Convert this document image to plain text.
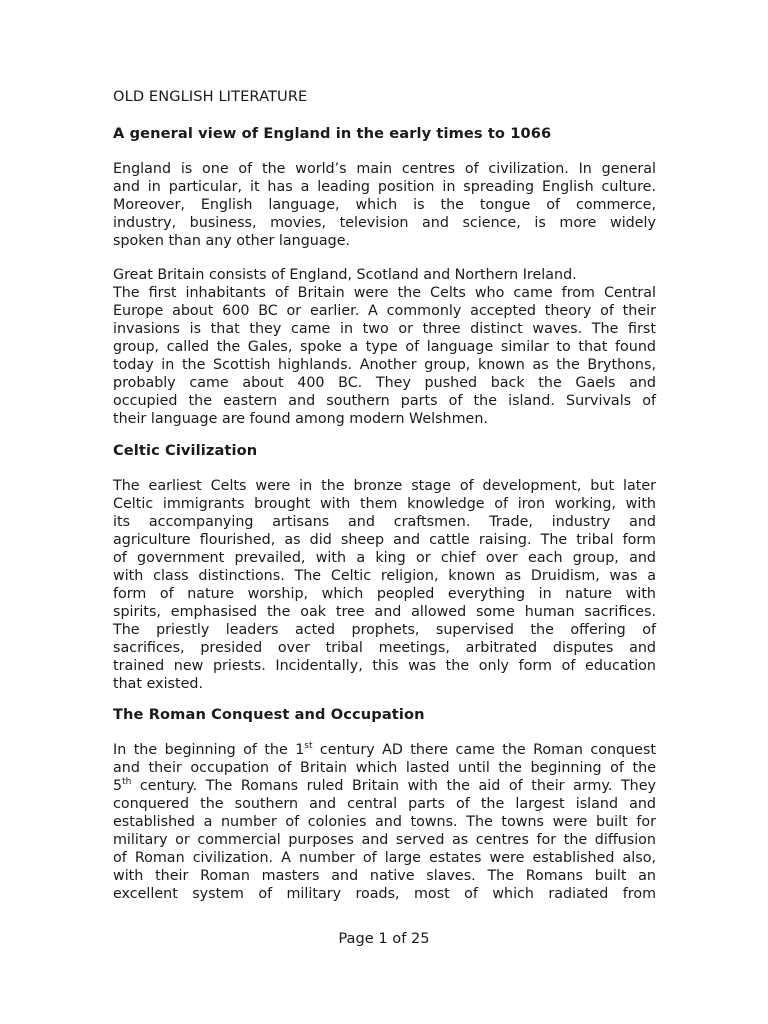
OLD ENGLISH LITERATURE
A general view of England in the early times to 1066
England is one of the world’s main centres of civilization. In general
and in particular, it has a leading position in spreading English culture.
Moreover, English language, which is the tongue of commerce,
industry, business, movies, television and science, is more widely
spoken than any other language.
Great Britain consists of England, Scotland and Northern Ireland.
The first inhabitants of Britain were the Celts who came from Central
Europe about 600 BC or earlier. A commonly accepted theory of their
invasions is that they came in two or three distinct waves. The first
group, called the Gales, spoke a type of language similar to that found
today in the Scottish highlands. Another group, known as the Brythons,
probably came about 400 BC. They pushed back the Gaels and
occupied the eastern and southern parts of the island. Survivals of
their language are found among modern Welshmen.
Celtic Civilization
The earliest Celts were in the bronze stage of development, but later
Celtic immigrants brought with them knowledge of iron working, with
its accompanying artisans and craftsmen. Trade, industry and
agriculture flourished, as did sheep and cattle raising. The tribal form
of government prevailed, with a king or chief over each group, and
with class distinctions. The Celtic religion, known as Druidism, was a
form of nature worship, which peopled everything in nature with
spirits, emphasised the oak tree and allowed some human sacrifices.
The priestly leaders acted prophets, supervised the offering of
sacrifices, presided over tribal meetings, arbitrated disputes and
trained new priests. Incidentally, this was the only form of education
that existed.
The Roman Conquest and Occupation
In the beginning of the 1st century AD there came the Roman conquest
and their occupation of Britain which lasted until the beginning of the
5th century. The Romans ruled Britain with the aid of their army. They
conquered the southern and central parts of the largest island and
established a number of colonies and towns. The towns were built for
military or commercial purposes and served as centres for the diffusion
of Roman civilization. A number of large estates were established also,
with their Roman masters and native slaves. The Romans built an
excellent system of military roads, most of which radiated from
Page 1 of 25
